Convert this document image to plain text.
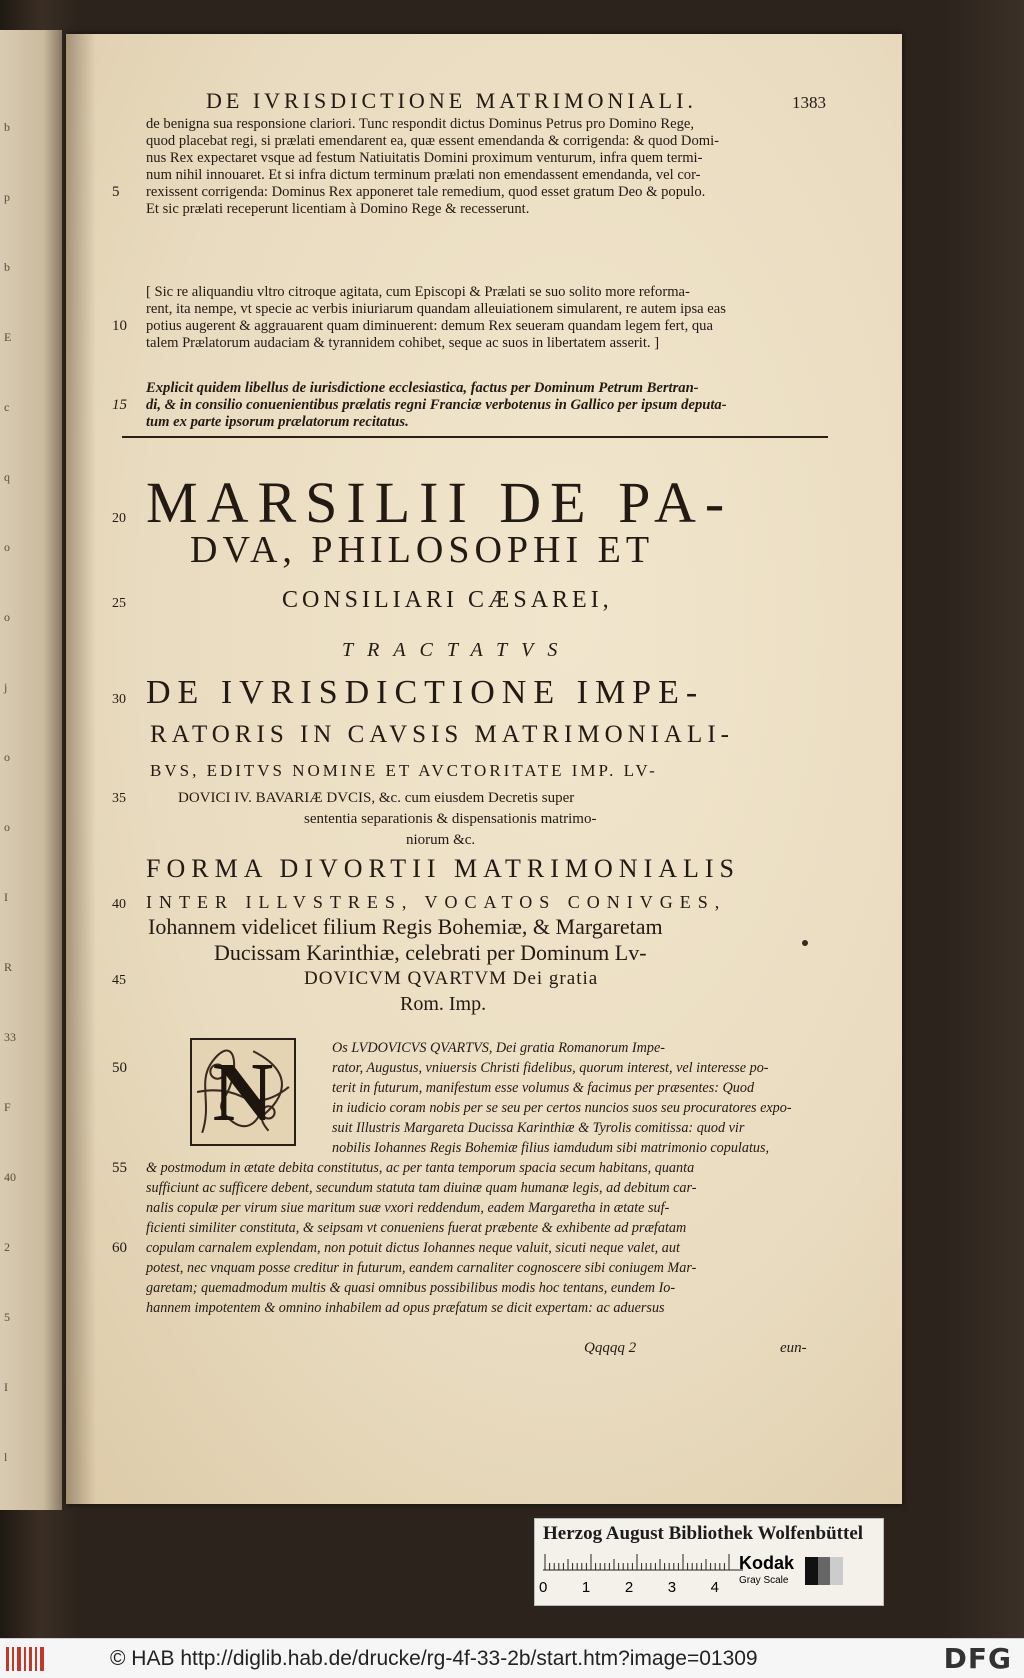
b
p
b
E
c
q
o
o
j
o
o
I
R
33
F
40
2
5
I
l
DE IVRISDICTIONE MATRIMONIALI.	1383
de benigna sua responsione clariori. Tunc respondit dictus Dominus Petrus pro Domino Rege,
quod placebat regi, si prælati emendarent ea, quæ essent emendanda & corrigenda: & quod Domi-
nus Rex expectaret vsque ad festum Natiuitatis Domini proximum venturum, infra quem termi-
num nihil innouaret. Et si infra dictum terminum prælati non emendassent emendanda, vel cor-
5	rexissent corrigenda: Dominus Rex apponeret tale remedium, quod esset gratum Deo & populo.
Et sic prælati receperunt licentiam à Domino Rege & recesserunt.
[ Sic re aliquandiu vltro citroque agitata, cum Episcopi & Prælati se suo solito more reforma-
rent, ita nempe, vt specie ac verbis iniuriarum quandam alleuiationem simularent, re autem ipsa eas
10	potius augerent & aggrauarent quam diminuerent: demum Rex seueram quandam legem fert, qua
talem Prælatorum audaciam & tyrannidem cohibet, seque ac suos in libertatem asserit. ]
Explicit quidem libellus de iurisdictione ecclesiastica, factus per Dominum Petrum Bertran-
15	di, & in consilio conuenientibus prælatis regni Franciæ verbotenus in Gallico per ipsum deputa-
tum ex parte ipsorum prælatorum recitatus.
20 MARSILII DE PA-
DVA, PHILOSOPHI ET
25	CONSILIARI CÆSAREI,
TRACTATVS
30 DE IVRISDICTIONE IMPE-
RATORIS IN CAVSIS MATRIMONIALI-
BVS, EDITVS NOMINE ET AVCTORITATE IMP. LV-
35	DOVICI IV. BAVARIÆ DVCIS, &c. cum eiusdem Decretis super
sententia separationis & dispensationis matrimo-
niorum &c.
FORMA DIVORTII MATRIMONIALIS
40	INTER ILLVSTRES, VOCATOS CONIVGES,
Iohannem videlicet filium Regis Bohemiæ, & Margaretam
Ducissam Karinthiæ, celebrati per Dominum Lv-
45	DOVICVM QVARTVM Dei gratia
Rom. Imp.
N	Os LVDOVICVS QVARTVS, Dei gratia Romanorum Impe-
50	rator, Augustus, vniuersis Christi fidelibus, quorum interest, vel interesse po-
terit in futurum, manifestum esse volumus & facimus per præsentes: Quod
in iudicio coram nobis per se seu per certos nuncios suos seu procuratores expo-
suit Illustris Margareta Ducissa Karinthiæ & Tyrolis comitissa: quod vir
nobilis Iohannes Regis Bohemiæ filius iamdudum sibi matrimonio copulatus,
55	& postmodum in ætate debita constitutus, ac per tanta temporum spacia secum habitans, quanta
sufficiunt ac sufficere debent, secundum statuta tam diuinæ quam humanæ legis, ad debitum car-
nalis copulæ per virum siue maritum suæ vxori reddendum, eadem Margaretha in ætate suf-
ficienti similiter constituta, & seipsam vt conueniens fuerat præbente & exhibente ad præfatam
60	copulam carnalem explendam, non potuit dictus Iohannes neque valuit, sicuti neque valet, aut
potest, nec vnquam posse creditur in futurum, eandem carnaliter cognoscere sibi coniugem Mar-
garetam; quemadmodum multis & quasi omnibus possibilibus modis hoc tentans, eundem Io-
hannem impotentem & omnino inhabilem ad opus præfatum se dicit expertam: ac aduersus
Qqqqq 2	eun-
Herzog August Bibliothek Wolfenbüttel
0 1 2 3 4
Kodak
Gray Scale
© HAB http://diglib.hab.de/drucke/rg-4f-33-2b/start.htm?image=01309	DFG
